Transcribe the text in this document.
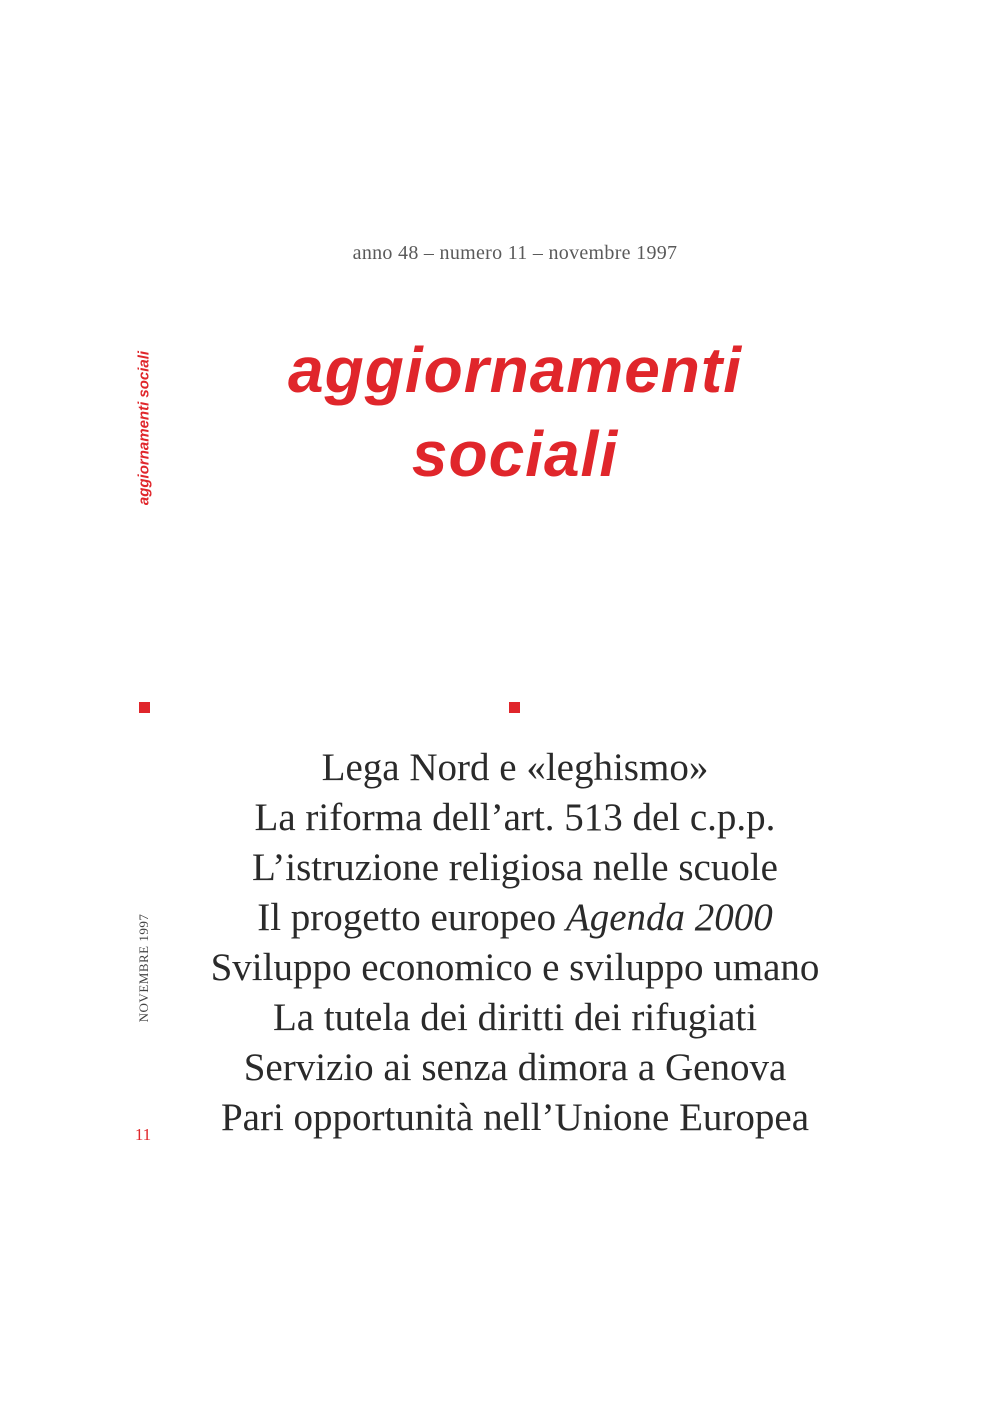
anno 48 – numero 11 – novembre 1997
aggiornamenti
sociali
aggiornamenti sociali
NOVEMBRE 1997
11
Lega Nord e «leghismo»
La riforma dell’art. 513 del c.p.p.
L’istruzione religiosa nelle scuole
Il progetto europeo Agenda 2000
Sviluppo economico e sviluppo umano
La tutela dei diritti dei rifugiati
Servizio ai senza dimora a Genova
Pari opportunità nell’Unione Europea
